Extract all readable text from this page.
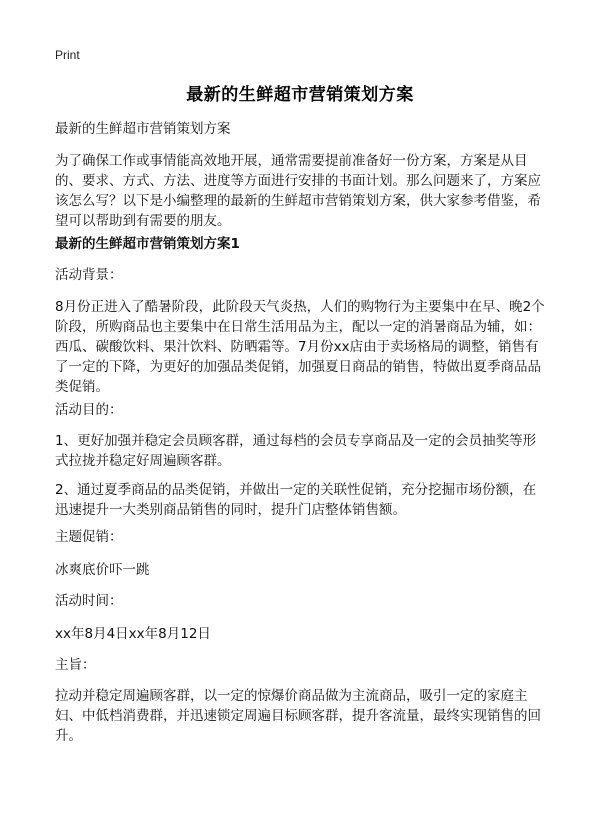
Print
最新的生鲜超市营销策划方案

最新的生鲜超市营销策划方案

为了确保工作或事情能高效地开展，通常需要提前准备好一份方案，方案是从目的、要求、方式、方法、进度等方面进行安排的书面计划。那么问题来了，方案应该怎么写？以下是小编整理的最新的生鲜超市营销策划方案，供大家参考借鉴，希望可以帮助到有需要的朋友。

最新的生鲜超市营销策划方案1

活动背景：

8月份正进入了酷暑阶段，此阶段天气炎热，人们的购物行为主要集中在早、晚2个阶段，所购商品也主要集中在日常生活用品为主，配以一定的消暑商品为辅，如：西瓜、碳酸饮料、果汁饮料、防晒霜等。7月份xx店由于卖场格局的调整，销售有了一定的下降，为更好的加强品类促销，加强夏日商品的销售，特做出夏季商品品类促销。

活动目的：

1、更好加强并稳定会员顾客群，通过每档的会员专享商品及一定的会员抽奖等形式拉拢并稳定好周遍顾客群。

2、通过夏季商品的品类促销，并做出一定的关联性促销，充分挖掘市场份额，在迅速提升一大类别商品销售的同时，提升门店整体销售额。

主题促销：

冰爽底价吓一跳

活动时间：

xx年8月4日xx年8月12日

主旨：

拉动并稳定周遍顾客群，以一定的惊爆价商品做为主流商品，吸引一定的家庭主妇、中低档消费群，并迅速锁定周遍目标顾客群，提升客流量，最终实现销售的回升。
